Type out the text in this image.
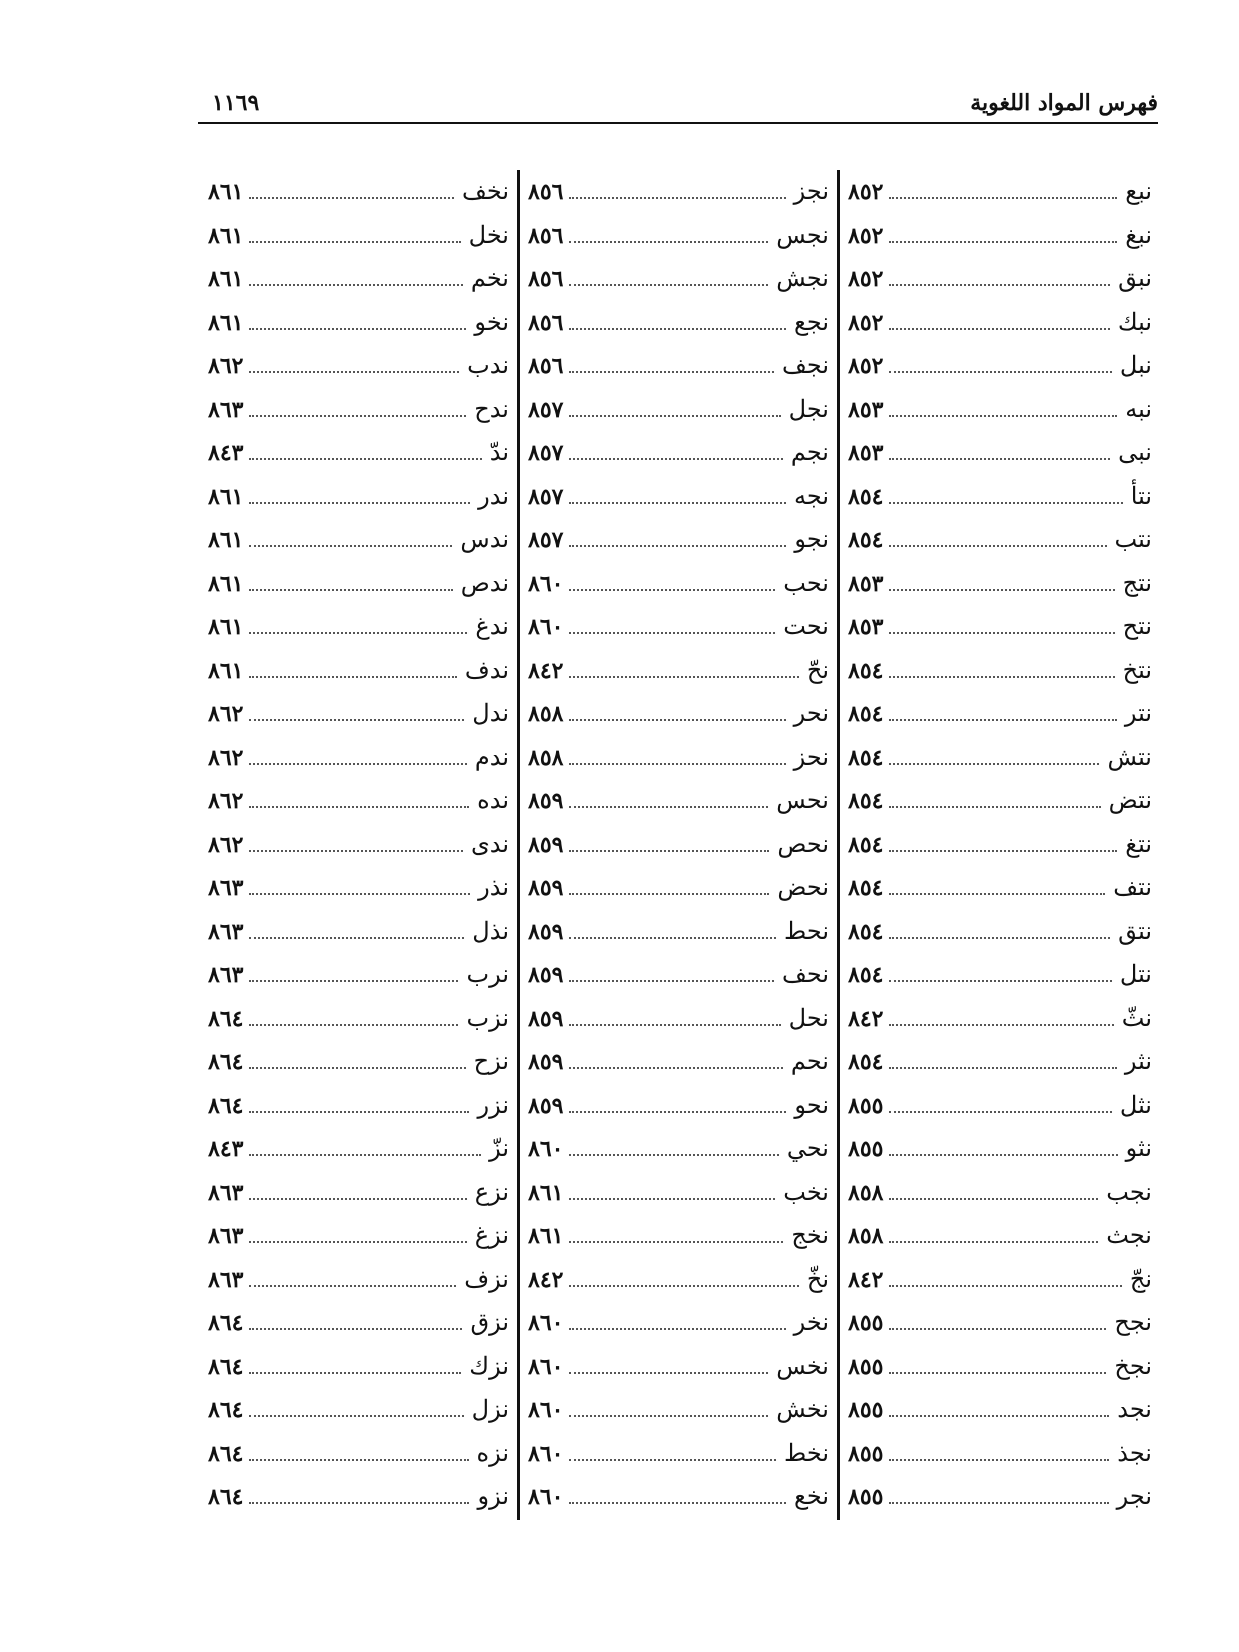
فهرس المواد اللغوية
١١٦٩
نبع
٨٥٢
نبغ
٨٥٢
نبق
٨٥٢
نبك
٨٥٢
نبل
٨٥٢
نبه
٨٥٣
نبى
٨٥٣
نتأ
٨٥٤
نتب
٨٥٤
نتج
٨٥٣
نتح
٨٥٣
نتخ
٨٥٤
نتر
٨٥٤
نتش
٨٥٤
نتض
٨٥٤
نتغ
٨٥٤
نتف
٨٥٤
نتق
٨٥٤
نتل
٨٥٤
نثّ
٨٤٢
نثر
٨٥٤
نثل
٨٥٥
نثو
٨٥٥
نجب
٨٥٨
نجث
٨٥٨
نجّ
٨٤٢
نجح
٨٥٥
نجخ
٨٥٥
نجد
٨٥٥
نجذ
٨٥٥
نجر
٨٥٥
نجز
٨٥٦
نجس
٨٥٦
نجش
٨٥٦
نجع
٨٥٦
نجف
٨٥٦
نجل
٨٥٧
نجم
٨٥٧
نجه
٨٥٧
نجو
٨٥٧
نحب
٨٦٠
نحت
٨٦٠
نحّ
٨٤٢
نحر
٨٥٨
نحز
٨٥٨
نحس
٨٥٩
نحص
٨٥٩
نحض
٨٥٩
نحط
٨٥٩
نحف
٨٥٩
نحل
٨٥٩
نحم
٨٥٩
نحو
٨٥٩
نحي
٨٦٠
نخب
٨٦١
نخج
٨٦١
نخّ
٨٤٢
نخر
٨٦٠
نخس
٨٦٠
نخش
٨٦٠
نخط
٨٦٠
نخع
٨٦٠
نخف
٨٦١
نخل
٨٦١
نخم
٨٦١
نخو
٨٦١
ندب
٨٦٢
ندح
٨٦٣
ندّ
٨٤٣
ندر
٨٦١
ندس
٨٦١
ندص
٨٦١
ندغ
٨٦١
ندف
٨٦١
ندل
٨٦٢
ندم
٨٦٢
نده
٨٦٢
ندى
٨٦٢
نذر
٨٦٣
نذل
٨٦٣
نرب
٨٦٣
نزب
٨٦٤
نزح
٨٦٤
نزر
٨٦٤
نزّ
٨٤٣
نزع
٨٦٣
نزغ
٨٦٣
نزف
٨٦٣
نزق
٨٦٤
نزك
٨٦٤
نزل
٨٦٤
نزه
٨٦٤
نزو
٨٦٤
